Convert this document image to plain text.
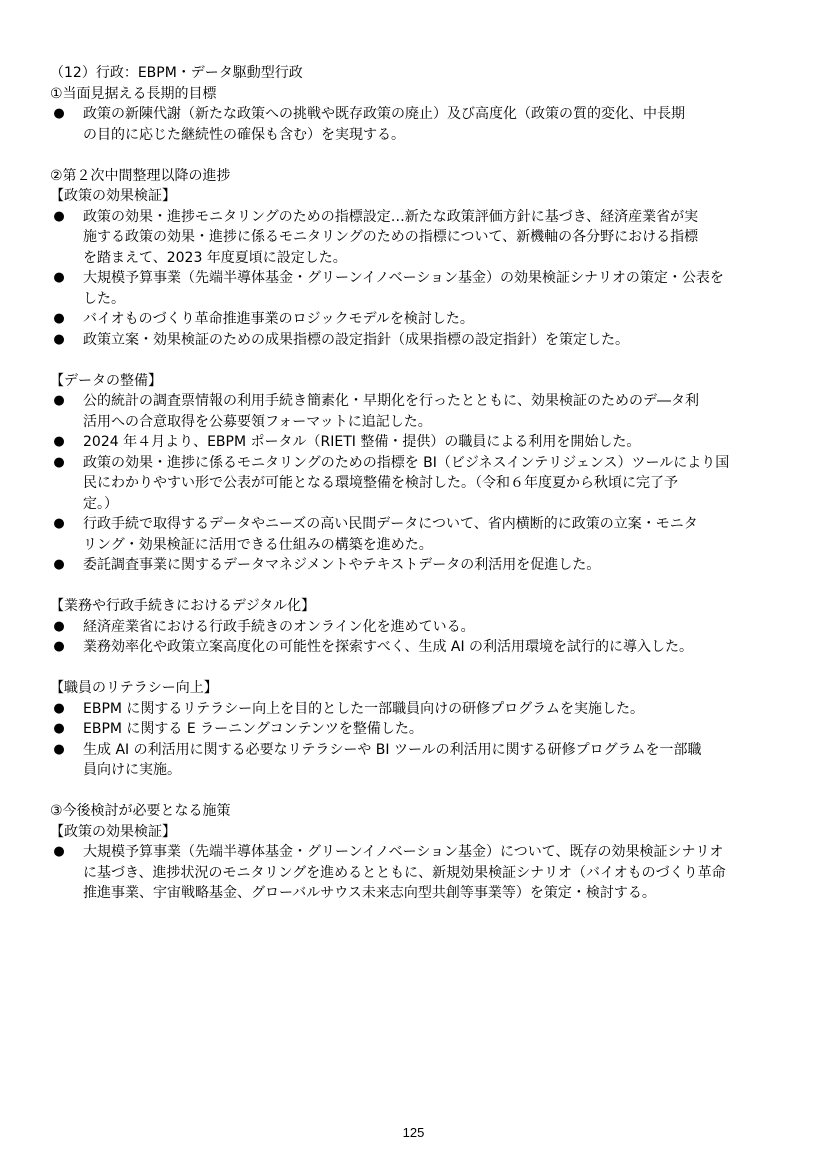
（12）行政：EBPM・データ駆動型行政
①当面見据える長期的目標
● 政策の新陳代謝（新たな政策への挑戦や既存政策の廃止）及び高度化（政策の質的変化、中長期
の目的に応じた継続性の確保も含む）を実現する。
②第２次中間整理以降の進捗
【政策の効果検証】
● 政策の効果・進捗モニタリングのための指標設定…新たな政策評価方針に基づき、経済産業省が実
施する政策の効果・進捗に係るモニタリングのための指標について、新機軸の各分野における指標
を踏まえて、2023 年度夏頃に設定した。
● 大規模予算事業（先端半導体基金・グリーンイノベーション基金）の効果検証シナリオの策定・公表を
した。
● バイオものづくり革命推進事業のロジックモデルを検討した。
● 政策立案・効果検証のための成果指標の設定指針（成果指標の設定指針）を策定した。
【データの整備】
● 公的統計の調査票情報の利用手続き簡素化・早期化を行ったとともに、効果検証のためのデ―タ利
活用への合意取得を公募要領フォーマットに追記した。
● 2024 年４月より、EBPM ポータル（RIETI 整備・提供）の職員による利用を開始した。
● 政策の効果・進捗に係るモニタリングのための指標を BI（ビジネスインテリジェンス）ツールにより国
民にわかりやすい形で公表が可能となる環境整備を検討した。（令和６年度夏から秋頃に完了予
定。）
● 行政手続で取得するデータやニーズの高い民間データについて、省内横断的に政策の立案・モニタ
リング・効果検証に活用できる仕組みの構築を進めた。
● 委託調査事業に関するデータマネジメントやテキストデータの利活用を促進した。
【業務や行政手続きにおけるデジタル化】
● 経済産業省における行政手続きのオンライン化を進めている。
● 業務効率化や政策立案高度化の可能性を探索すべく、生成 AI の利活用環境を試行的に導入した。
【職員のリテラシー向上】
● EBPM に関するリテラシー向上を目的とした一部職員向けの研修プログラムを実施した。
● EBPM に関する E ラーニングコンテンツを整備した。
● 生成 AI の利活用に関する必要なリテラシーや BI ツールの利活用に関する研修プログラムを一部職
員向けに実施。
③今後検討が必要となる施策
【政策の効果検証】
● 大規模予算事業（先端半導体基金・グリーンイノベーション基金）について、既存の効果検証シナリオ
に基づき、進捗状況のモニタリングを進めるとともに、新規効果検証シナリオ（バイオものづくり革命
推進事業、宇宙戦略基金、グローバルサウス未来志向型共創等事業等）を策定・検討する。
125
